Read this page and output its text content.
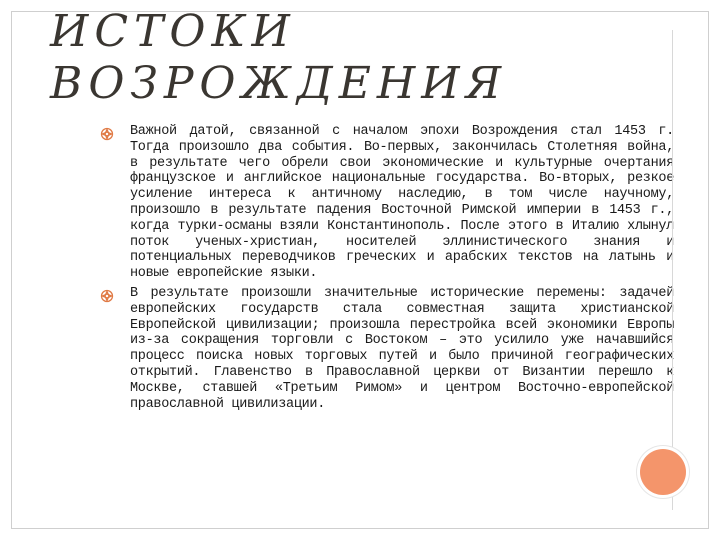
ИСТОКИ
ВОЗРОЖДЕНИЯ
Важной датой, связанной с началом эпохи Возрождения стал 1453 г. Тогда произошло два события. Во-первых, закончилась Столетняя война, в результате чего обрели свои экономические и культурные очертания французское и английское национальные государства. Во-вторых, резкое усиление интереса к античному наследию, в том числе научному, произошло в результате падения Восточной Римской империи в 1453 г., когда турки-османы взяли Константинополь. После этого в Италию хлынул поток ученых-христиан, носителей эллинистического знания и потенциальных переводчиков греческих и арабских текстов на латынь и новые европейские языки.
В результате произошли значительные исторические перемены: задачей европейских государств стала совместная защита христианской Европейской цивилизации; произошла перестройка всей экономики Европы из-за сокращения торговли с Востоком – это усилило уже начавшийся процесс поиска новых торговых путей и было причиной географических открытий. Главенство в Православной церкви от Византии перешло к Москве, ставшей «Третьим Римом» и центром Восточно-европейской православной цивилизации.
